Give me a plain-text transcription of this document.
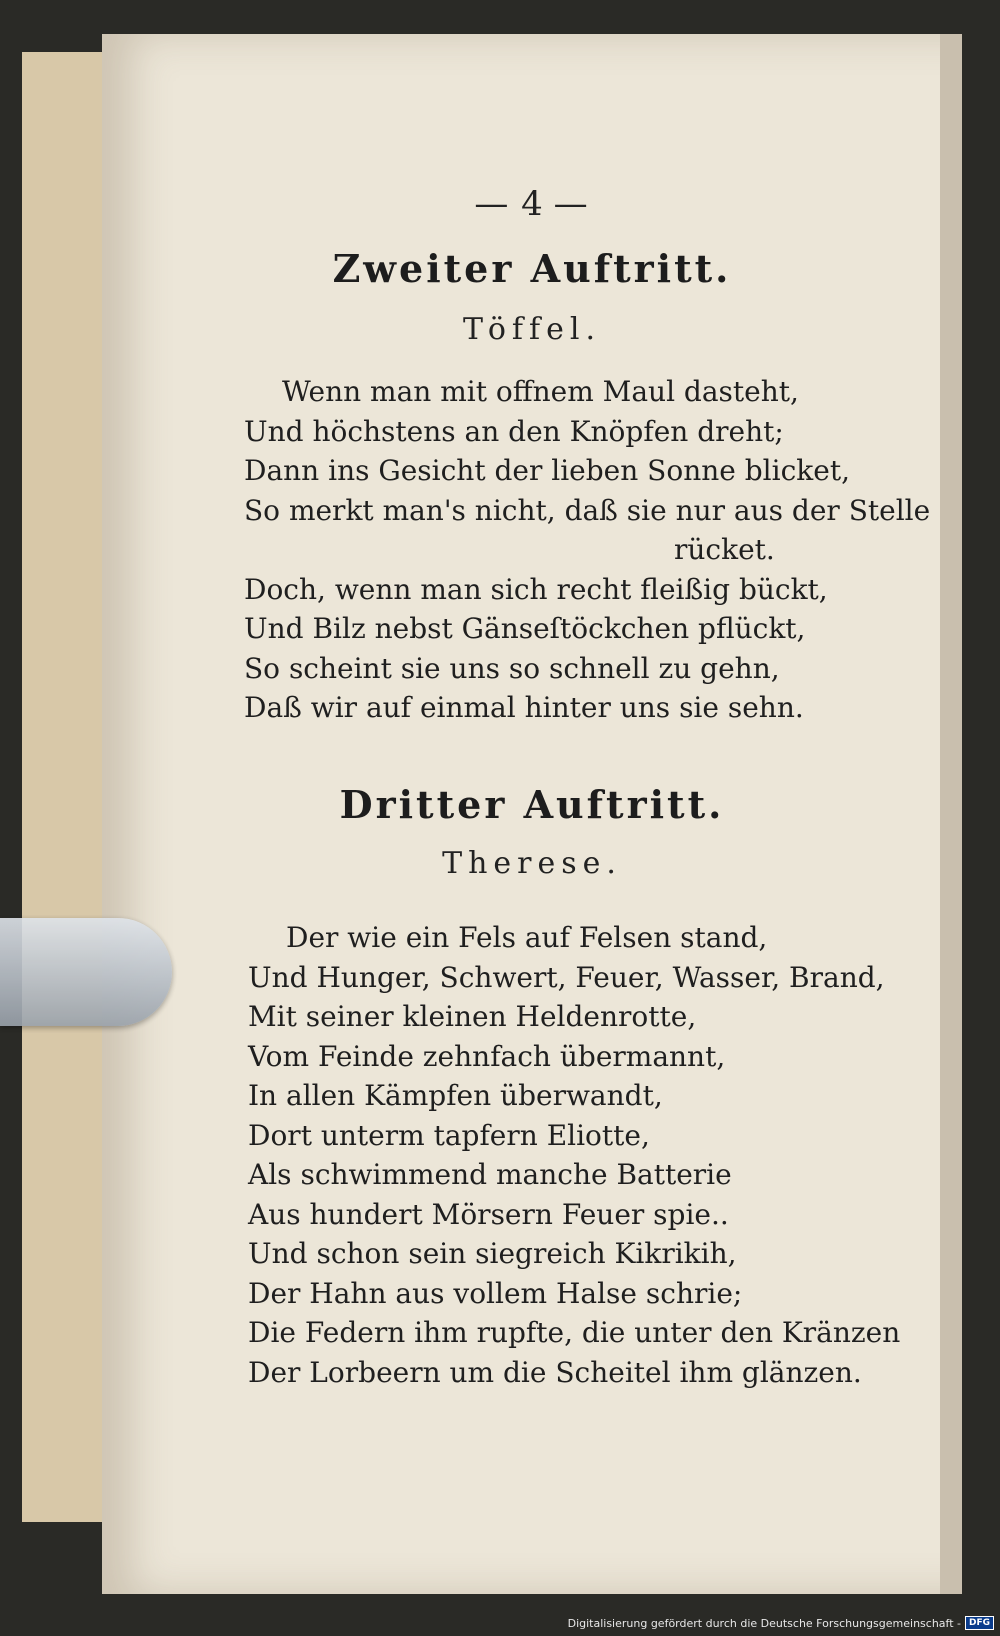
— 4 —
Zweiter Auftritt.
Töffel.
Wenn man mit offnem Maul dasteht,
Und höchstens an den Knöpfen dreht;
Dann ins Gesicht der lieben Sonne blicket,
So merkt man's nicht, daß sie nur aus der Stelle
rücket.
Doch, wenn man sich recht fleißig bückt,
Und Bilz nebst Gänseſtöckchen pflückt,
So scheint sie uns so schnell zu gehn,
Daß wir auf einmal hinter uns sie sehn.
Dritter Auftritt.
Therese.
Der wie ein Fels auf Felsen stand,
Und Hunger, Schwert, Feuer, Wasser, Brand,
Mit seiner kleinen Heldenrotte,
Vom Feinde zehnfach übermannt,
In allen Kämpfen überwandt,
Dort unterm tapfern Eliotte,
Als schwimmend manche Batterie
Aus hundert Mörsern Feuer spie..
Und schon sein siegreich Kikrikih,
Der Hahn aus vollem Halse schrie;
Die Federn ihm rupfte, die unter den Kränzen
Der Lorbeern um die Scheitel ihm glänzen.
Digitalisierung gefördert durch die Deutsche Forschungsgemeinschaft - DFG
